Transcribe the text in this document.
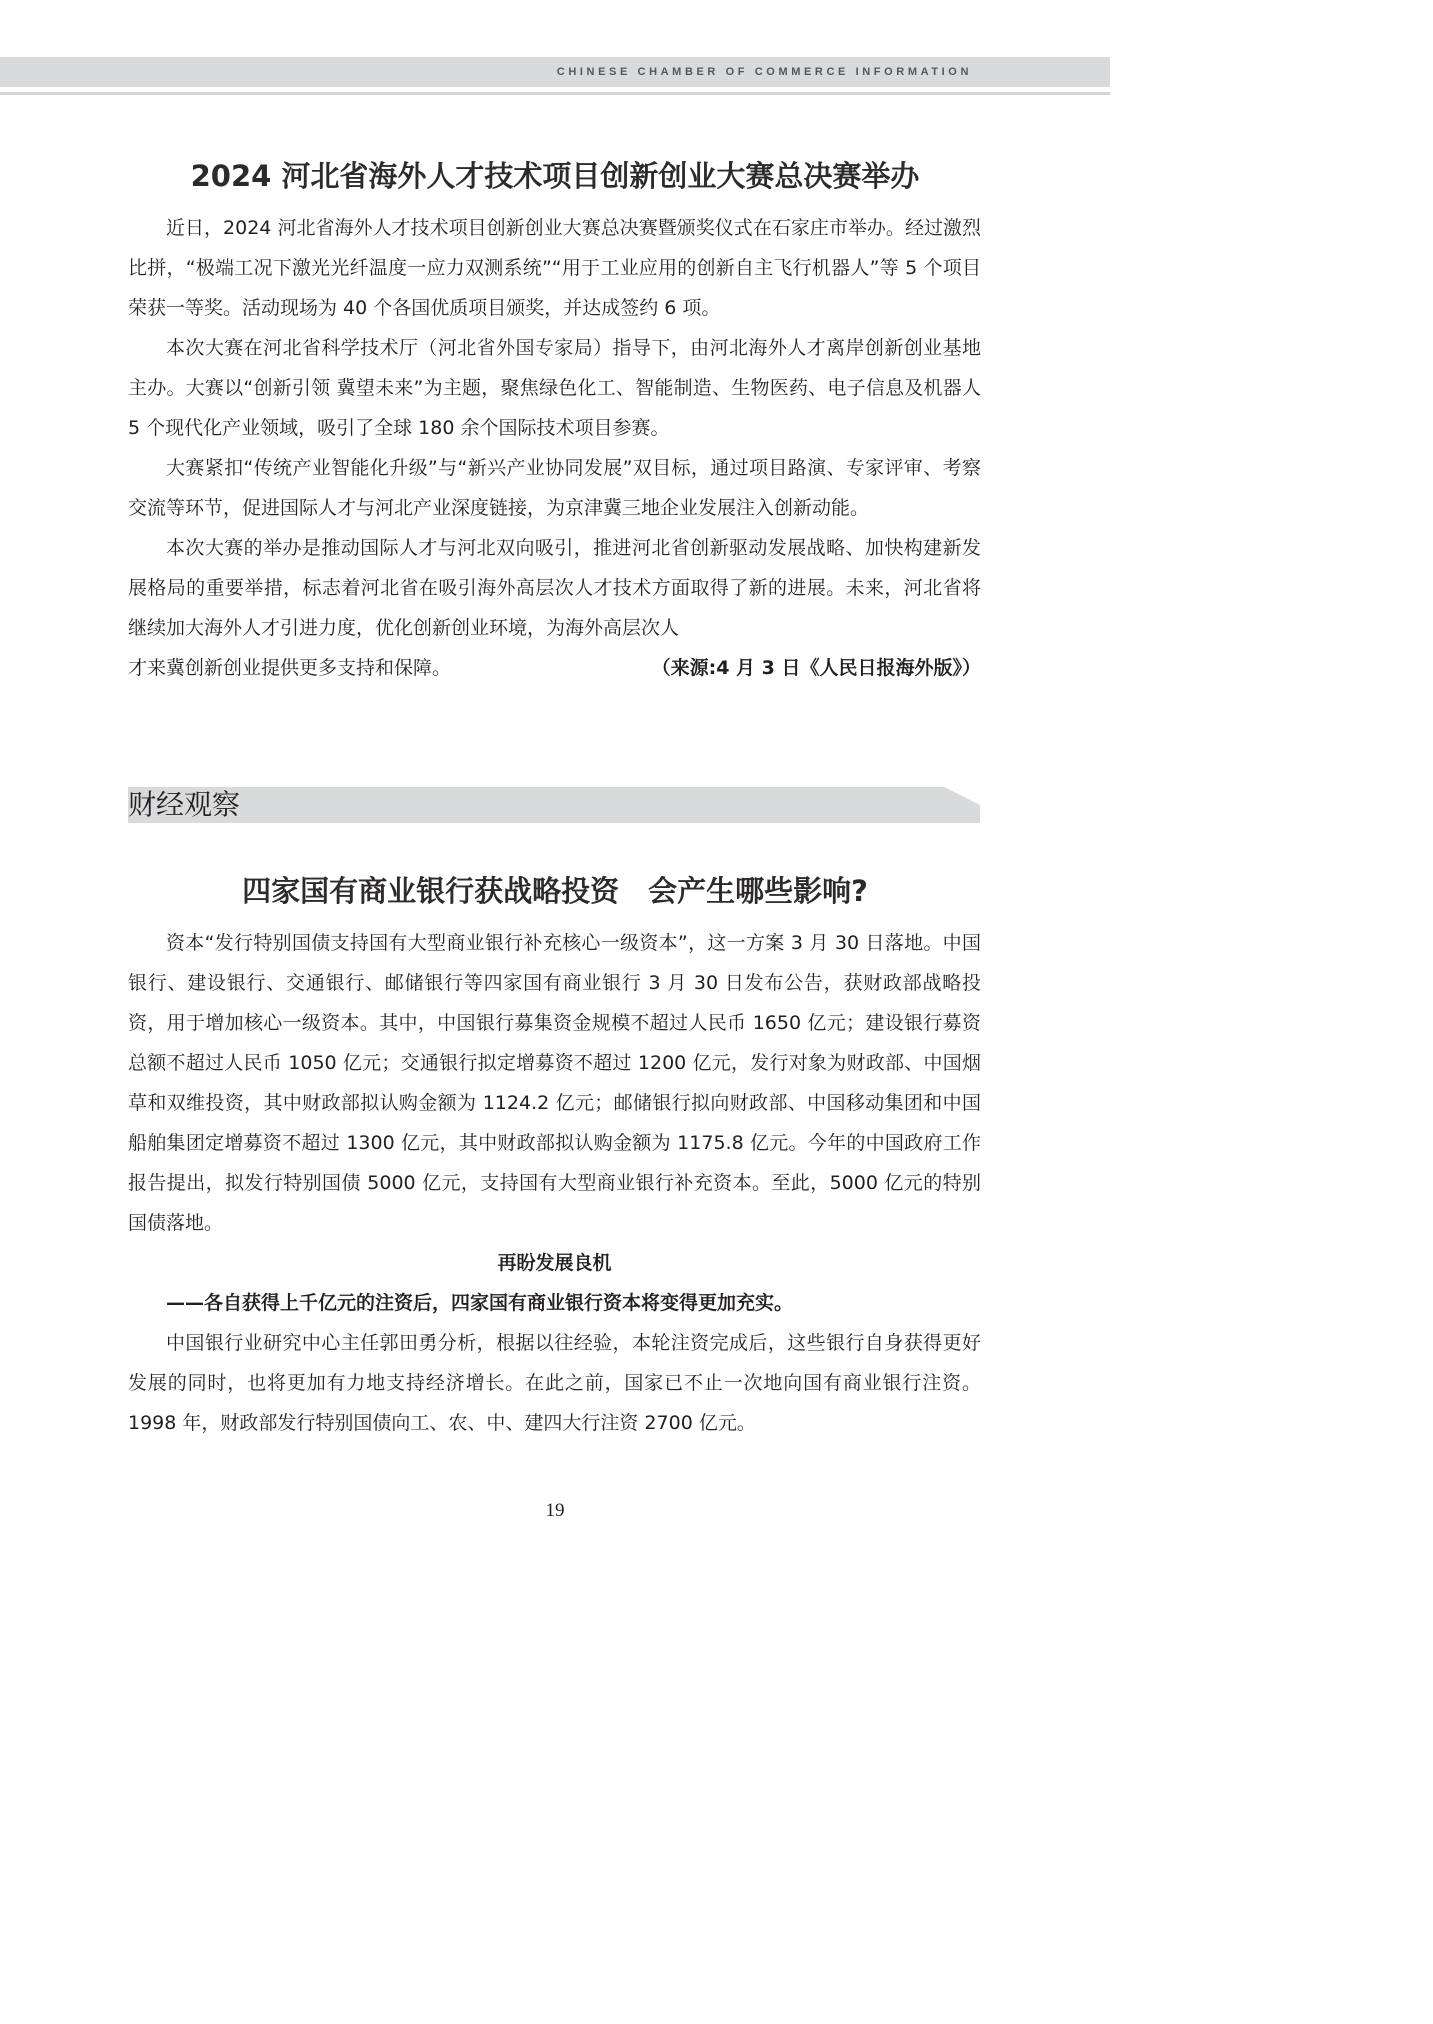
CHINESE CHAMBER OF COMMERCE INFORMATION
2024 河北省海外人才技术项目创新创业大赛总决赛举办

近日，2024 河北省海外人才技术项目创新创业大赛总决赛暨颁奖仪式在石家庄市举办。经过激烈比拼，“极端工况下激光光纤温度一应力双测系统”“用于工业应用的创新自主飞行机器人”等 5 个项目荣获一等奖。活动现场为 40 个各国优质项目颁奖，并达成签约 6 项。

本次大赛在河北省科学技术厅（河北省外国专家局）指导下，由河北海外人才离岸创新创业基地主办。大赛以“创新引领 冀望未来”为主题，聚焦绿色化工、智能制造、生物医药、电子信息及机器人 5 个现代化产业领域，吸引了全球 180 余个国际技术项目参赛。

大赛紧扣“传统产业智能化升级”与“新兴产业协同发展”双目标，通过项目路演、专家评审、考察交流等环节，促进国际人才与河北产业深度链接，为京津冀三地企业发展注入创新动能。

本次大赛的举办是推动国际人才与河北双向吸引，推进河北省创新驱动发展战略、加快构建新发展格局的重要举措，标志着河北省在吸引海外高层次人才技术方面取得了新的进展。未来，河北省将继续加大海外人才引进力度，优化创新创业环境，为海外高层次人

才来冀创新创业提供更多支持和保障。	（来源:4 月 3 日《人民日报海外版》）
财经观察
四家国有商业银行获战略投资　会产生哪些影响?

资本“发行特别国债支持国有大型商业银行补充核心一级资本”，这一方案 3 月 30 日落地。中国银行、建设银行、交通银行、邮储银行等四家国有商业银行 3 月 30 日发布公告，获财政部战略投资，用于增加核心一级资本。其中，中国银行募集资金规模不超过人民币 1650 亿元；建设银行募资总额不超过人民币 1050 亿元；交通银行拟定增募资不超过 1200 亿元，发行对象为财政部、中国烟草和双维投资，其中财政部拟认购金额为 1124.2 亿元；邮储银行拟向财政部、中国移动集团和中国船舶集团定增募资不超过 1300 亿元，其中财政部拟认购金额为 1175.8 亿元。今年的中国政府工作报告提出，拟发行特别国债 5000 亿元，支持国有大型商业银行补充资本。至此，5000 亿元的特别国债落地。

再盼发展良机

——各自获得上千亿元的注资后，四家国有商业银行资本将变得更加充实。

中国银行业研究中心主任郭田勇分析，根据以往经验，本轮注资完成后，这些银行自身获得更好发展的同时，也将更加有力地支持经济增长。在此之前，国家已不止一次地向国有商业银行注资。1998 年，财政部发行特别国债向工、农、中、建四大行注资 2700 亿元。

19
